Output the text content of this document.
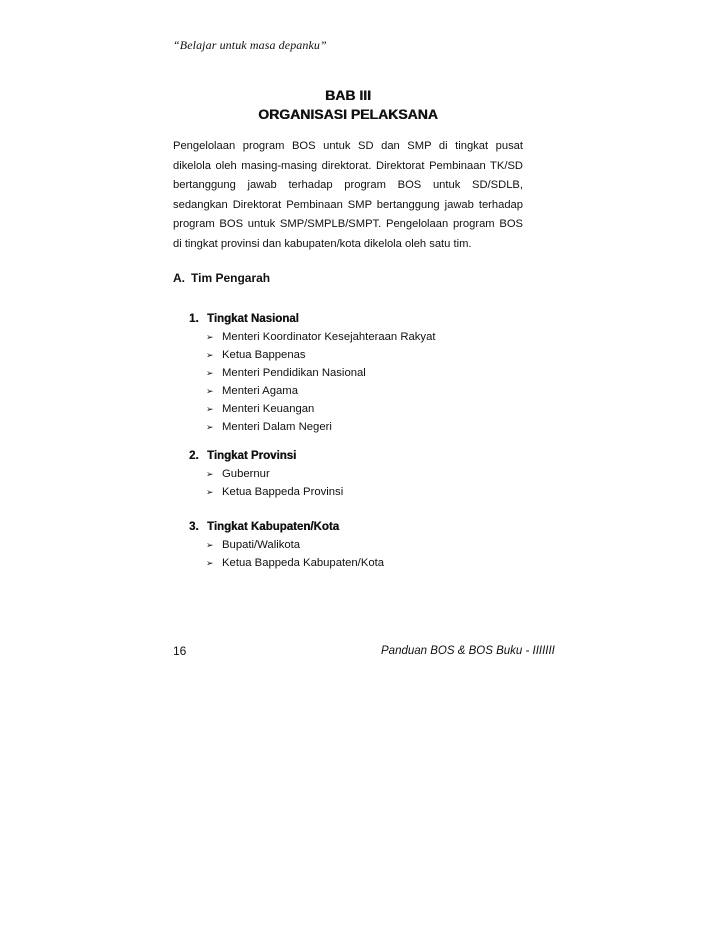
“Belajar untuk masa depanku”
BAB III
ORGANISASI PELAKSANA
Pengelolaan program BOS untuk SD dan SMP di tingkat pusat dikelola oleh masing-masing direktorat. Direktorat Pembinaan TK/SD bertanggung jawab terhadap program BOS untuk SD/SDLB, sedangkan Direktorat Pembinaan SMP bertanggung jawab terhadap program BOS untuk SMP/SMPLB/SMPT. Pengelolaan program BOS di tingkat provinsi dan kabupaten/kota dikelola oleh satu tim.
A. Tim Pengarah
1. Tingkat Nasional
➢ Menteri Koordinator Kesejahteraan Rakyat
➢ Ketua Bappenas
➢ Menteri Pendidikan Nasional
➢ Menteri Agama
➢ Menteri Keuangan
➢ Menteri Dalam Negeri
2. Tingkat Provinsi
➢ Gubernur
➢ Ketua Bappeda Provinsi
3. Tingkat Kabupaten/Kota
➢ Bupati/Walikota
➢ Ketua Bappeda Kabupaten/Kota
16	Panduan BOS & BOS Buku - IIIIIII
